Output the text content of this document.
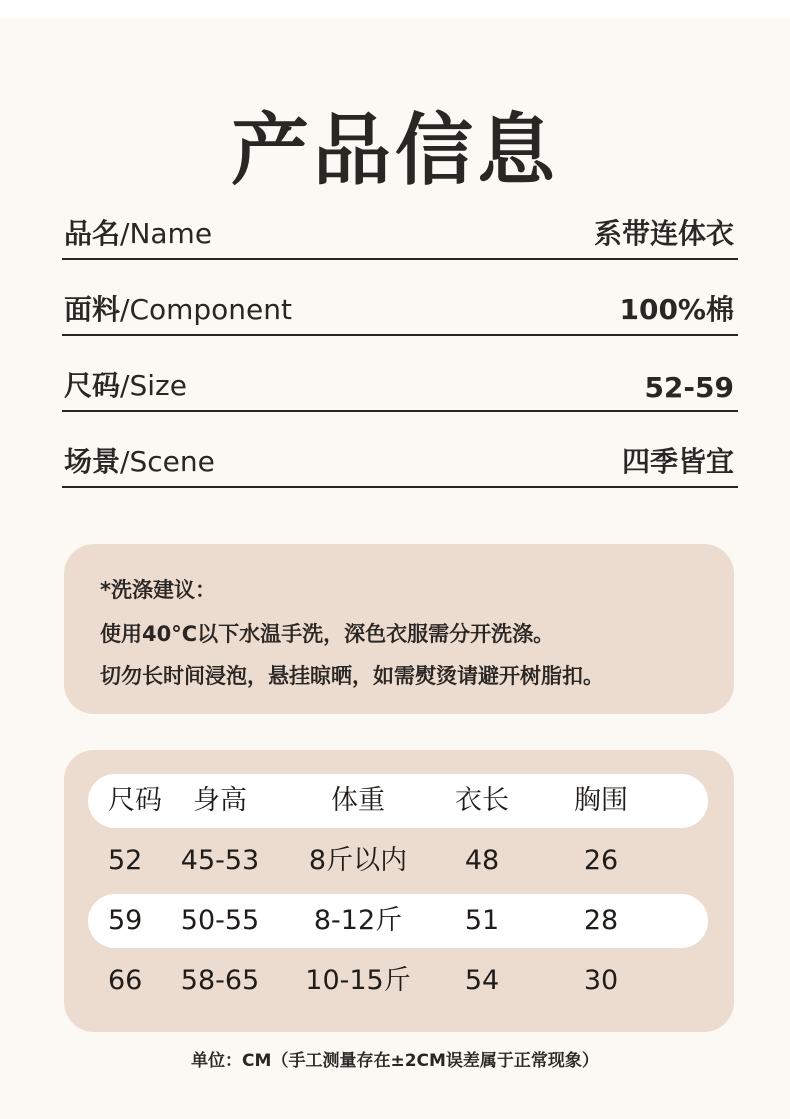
产品信息
品名/Name	系带连体衣
面料/Component	100%棉
尺码/Size	52-59
场景/Scene	四季皆宜
*洗涤建议：
使用40°C以下水温手洗，深色衣服需分开洗涤。
切勿长时间浸泡，悬挂晾晒，如需熨烫请避开树脂扣。
尺码 身高	体重	衣长 胸围
52 45-53 8斤以内 48	26
59 50-55 8-12斤 51	28
66 58-65 10-15斤 54	30
单位：CM（手工测量存在±2CM误差属于正常现象）
